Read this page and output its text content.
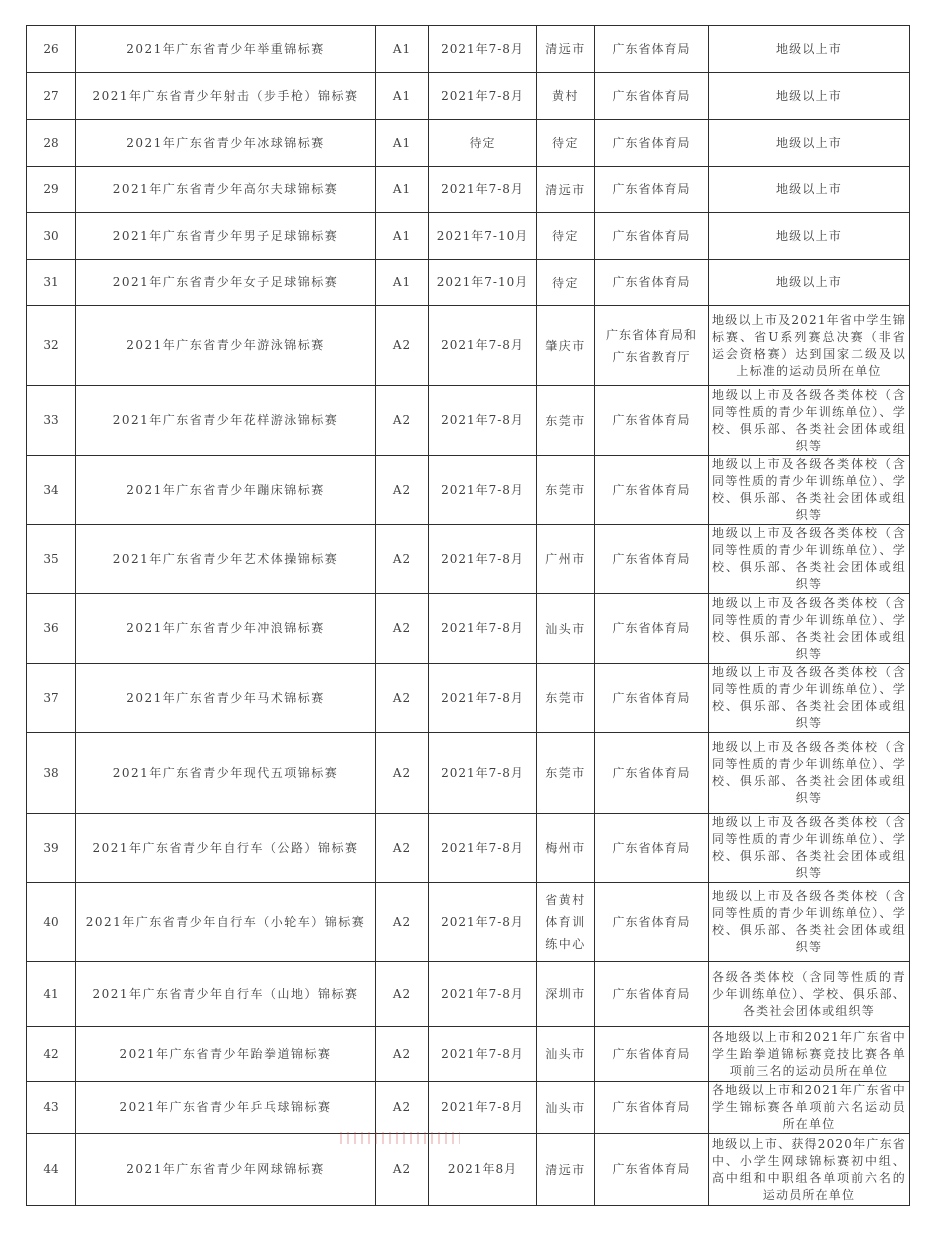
26	2021年广东省青少年举重锦标赛	A1	2021年7-8月	清远市	广东省体育局	地级以上市
27	2021年广东省青少年射击（步手枪）锦标赛	A1	2021年7-8月	黄村	广东省体育局	地级以上市
28	2021年广东省青少年冰球锦标赛	A1	待定	待定	广东省体育局	地级以上市
29	2021年广东省青少年高尔夫球锦标赛	A1	2021年7-8月	清远市	广东省体育局	地级以上市
30	2021年广东省青少年男子足球锦标赛	A1	2021年7-10月	待定	广东省体育局	地级以上市
31	2021年广东省青少年女子足球锦标赛	A1	2021年7-10月	待定	广东省体育局	地级以上市
32	2021年广东省青少年游泳锦标赛	A2	2021年7-8月	肇庆市	广东省体育局和广东省教育厅	地级以上市及2021年省中学生锦标赛、省U系列赛总决赛（非省运会资格赛）达到国家二级及以上标准的运动员所在单位
33	2021年广东省青少年花样游泳锦标赛	A2	2021年7-8月	东莞市	广东省体育局	地级以上市及各级各类体校（含同等性质的青少年训练单位）、学校、俱乐部、各类社会团体或组织等
34	2021年广东省青少年蹦床锦标赛	A2	2021年7-8月	东莞市	广东省体育局	地级以上市及各级各类体校（含同等性质的青少年训练单位）、学校、俱乐部、各类社会团体或组织等
35	2021年广东省青少年艺术体操锦标赛	A2	2021年7-8月	广州市	广东省体育局	地级以上市及各级各类体校（含同等性质的青少年训练单位）、学校、俱乐部、各类社会团体或组织等
36	2021年广东省青少年冲浪锦标赛	A2	2021年7-8月	汕头市	广东省体育局	地级以上市及各级各类体校（含同等性质的青少年训练单位）、学校、俱乐部、各类社会团体或组织等
37	2021年广东省青少年马术锦标赛	A2	2021年7-8月	东莞市	广东省体育局	地级以上市及各级各类体校（含同等性质的青少年训练单位）、学校、俱乐部、各类社会团体或组织等
38	2021年广东省青少年现代五项锦标赛	A2	2021年7-8月	东莞市	广东省体育局	地级以上市及各级各类体校（含同等性质的青少年训练单位）、学校、俱乐部、各类社会团体或组织等
39	2021年广东省青少年自行车（公路）锦标赛	A2	2021年7-8月	梅州市	广东省体育局	地级以上市及各级各类体校（含同等性质的青少年训练单位）、学校、俱乐部、各类社会团体或组织等
40	2021年广东省青少年自行车（小轮车）锦标赛	A2	2021年7-8月	省黄村体育训练中心	广东省体育局	地级以上市及各级各类体校（含同等性质的青少年训练单位）、学校、俱乐部、各类社会团体或组织等
41	2021年广东省青少年自行车（山地）锦标赛	A2	2021年7-8月	深圳市	广东省体育局	各级各类体校（含同等性质的青少年训练单位）、学校、俱乐部、各类社会团体或组织等
42	2021年广东省青少年跆拳道锦标赛	A2	2021年7-8月	汕头市	广东省体育局	各地级以上市和2021年广东省中学生跆拳道锦标赛竞技比赛各单项前三名的运动员所在单位
43	2021年广东省青少年乒乓球锦标赛	A2	2021年7-8月	汕头市	广东省体育局	各地级以上市和2021年广东省中学生锦标赛各单项前六名运动员所在单位
44	2021年广东省青少年网球锦标赛	A2	2021年8月	清远市	广东省体育局	地级以上市、获得2020年广东省中、小学生网球锦标赛初中组、高中组和中职组各单项前六名的运动员所在单位
